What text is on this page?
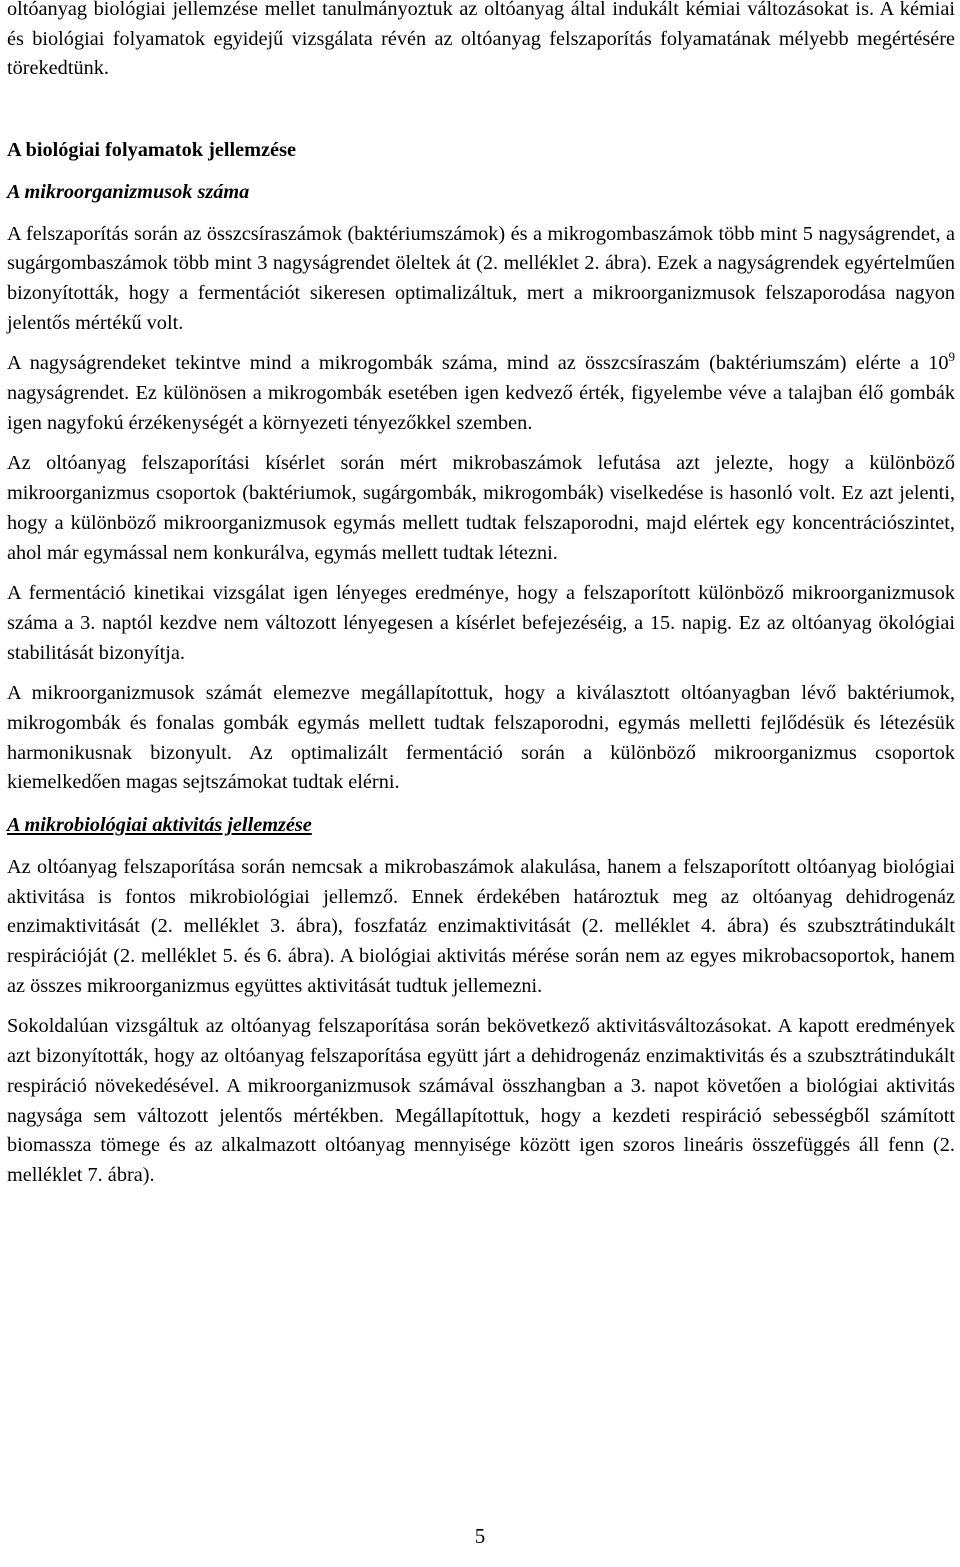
oltóanyag biológiai jellemzése mellet tanulmányoztuk az oltóanyag által indukált kémiai változásokat is. A kémiai és biológiai folyamatok egyidejű vizsgálata révén az oltóanyag felszaporítás folyamatának mélyebb megértésére törekedtünk.

A biológiai folyamatok jellemzése

A mikroorganizmusok száma

A felszaporítás során az összcsíraszámok (baktériumszámok) és a mikrogombaszámok több mint 5 nagyságrendet, a sugárgombaszámok több mint 3 nagyságrendet öleltek át (2. melléklet 2. ábra). Ezek a nagyságrendek egyértelműen bizonyították, hogy a fermentációt sikeresen optimalizáltuk, mert a mikroorganizmusok felszaporodása nagyon jelentős mértékű volt.

A nagyságrendeket tekintve mind a mikrogombák száma, mind az összcsíraszám (baktériumszám) elérte a $10^9$ nagyságrendet. Ez különösen a mikrogombák esetében igen kedvező érték, figyelembe véve a talajban élő gombák igen nagyfokú érzékenységét a környezeti tényezőkkel szemben.

Az oltóanyag felszaporítási kísérlet során mért mikrobaszámok lefutása azt jelezte, hogy a különböző mikroorganizmus csoportok (baktériumok, sugárgombák, mikrogombák) viselkedése is hasonló volt. Ez azt jelenti, hogy a különböző mikroorganizmusok egymás mellett tudtak felszaporodni, majd elértek egy koncentrációszintet, ahol már egymással nem konkurálva, egymás mellett tudtak létezni.

A fermentáció kinetikai vizsgálat igen lényeges eredménye, hogy a felszaporított különböző mikroorganizmusok száma a 3. naptól kezdve nem változott lényegesen a kísérlet befejezéséig, a 15. napig. Ez az oltóanyag ökológiai stabilitását bizonyítja.

A mikroorganizmusok számát elemezve megállapítottuk, hogy a kiválasztott oltóanyagban lévő baktériumok, mikrogombák és fonalas gombák egymás mellett tudtak felszaporodni, egymás melletti fejlődésük és létezésük harmonikusnak bizonyult. Az optimalizált fermentáció során a különböző mikroorganizmus csoportok kiemelkedően magas sejtszámokat tudtak elérni.

A mikrobiológiai aktivitás jellemzése

Az oltóanyag felszaporítása során nemcsak a mikrobaszámok alakulása, hanem a felszaporított oltóanyag biológiai aktivitása is fontos mikrobiológiai jellemző. Ennek érdekében határoztuk meg az oltóanyag dehidrogenáz enzimaktivitását (2. melléklet 3. ábra), foszfatáz enzimaktivitását (2. melléklet 4. ábra) és szubsztrátindukált respirációját (2. melléklet 5. és 6. ábra). A biológiai aktivitás mérése során nem az egyes mikrobacsoportok, hanem az összes mikroorganizmus együttes aktivitását tudtuk jellemezni.

Sokoldalúan vizsgáltuk az oltóanyag felszaporítása során bekövetkező aktivitásváltozásokat. A kapott eredmények azt bizonyították, hogy az oltóanyag felszaporítása együtt járt a dehidrogenáz enzimaktivitás és a szubsztrátindukált respiráció növekedésével. A mikroorganizmusok számával összhangban a 3. napot követően a biológiai aktivitás nagysága sem változott jelentős mértékben. Megállapítottuk, hogy a kezdeti respiráció sebességből számított biomassza tömege és az alkalmazott oltóanyag mennyisége között igen szoros lineáris összefüggés áll fenn (2. melléklet 7. ábra).

5
